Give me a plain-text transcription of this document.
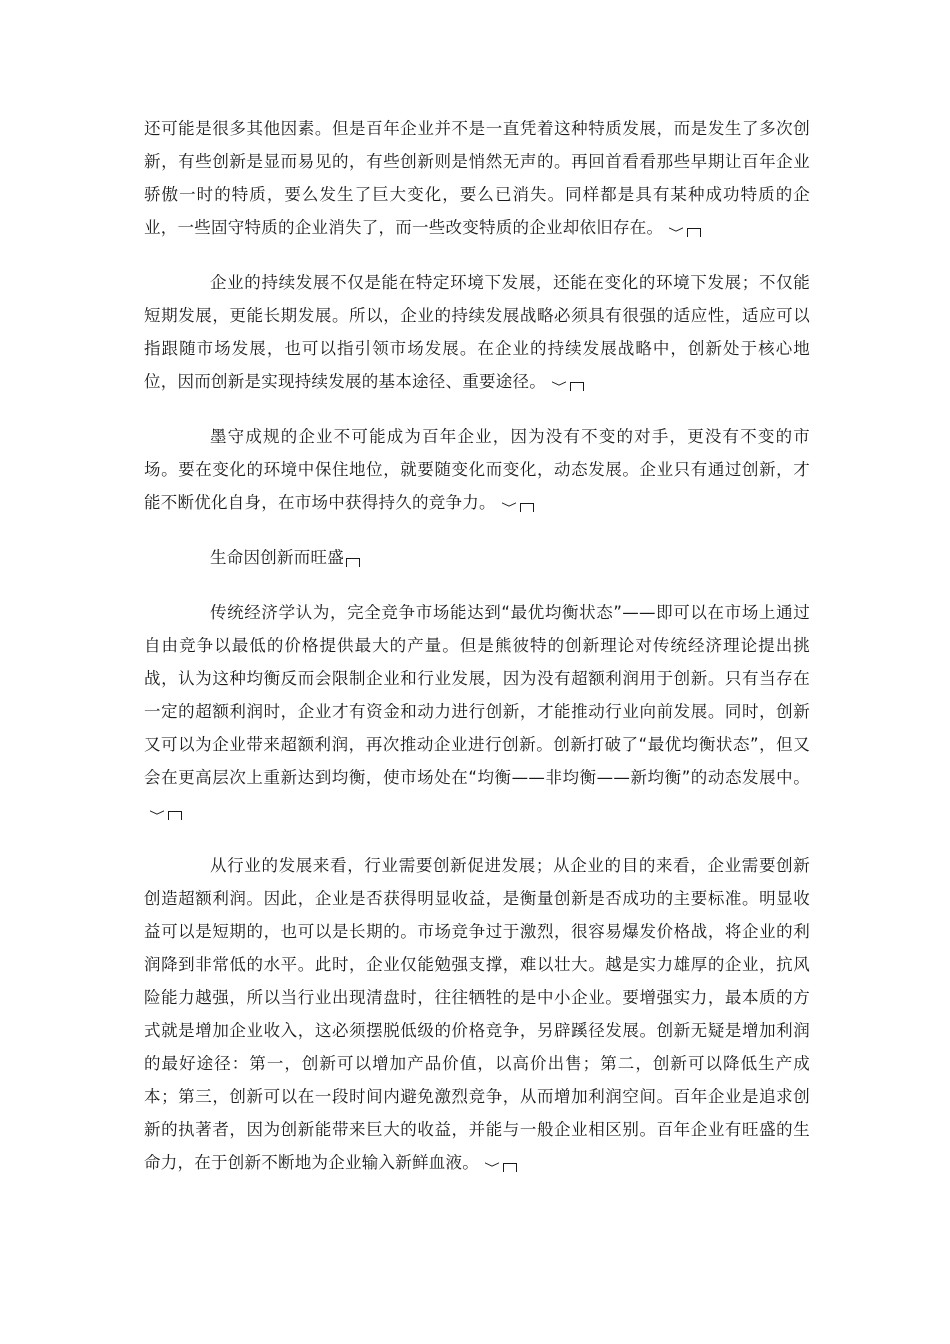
还可能是很多其他因素。但是百年企业并不是一直凭着这种特质发展，而是发生了多次创新，有些创新是显而易见的，有些创新则是悄然无声的。再回首看看那些早期让百年企业骄傲一时的特质，要么发生了巨大变化，要么已消失。同样都是具有某种成功特质的企业，一些固守特质的企业消失了，而一些改变特质的企业却依旧存在。

企业的持续发展不仅是能在特定环境下发展，还能在变化的环境下发展；不仅能短期发展，更能长期发展。所以，企业的持续发展战略必须具有很强的适应性，适应可以指跟随市场发展，也可以指引领市场发展。在企业的持续发展战略中，创新处于核心地位，因而创新是实现持续发展的基本途径、重要途径。

墨守成规的企业不可能成为百年企业，因为没有不变的对手，更没有不变的市场。要在变化的环境中保住地位，就要随变化而变化，动态发展。企业只有通过创新，才能不断优化自身，在市场中获得持久的竞争力。

生命因创新而旺盛

传统经济学认为，完全竞争市场能达到“最优均衡状态”——即可以在市场上通过自由竞争以最低的价格提供最大的产量。但是熊彼特的创新理论对传统经济理论提出挑战，认为这种均衡反而会限制企业和行业发展，因为没有超额利润用于创新。只有当存在一定的超额利润时，企业才有资金和动力进行创新，才能推动行业向前发展。同时，创新又可以为企业带来超额利润，再次推动企业进行创新。创新打破了“最优均衡状态”，但又会在更高层次上重新达到均衡，使市场处在“均衡——非均衡——新均衡”的动态发展中。

从行业的发展来看，行业需要创新促进发展；从企业的目的来看，企业需要创新创造超额利润。因此，企业是否获得明显收益，是衡量创新是否成功的主要标准。明显收益可以是短期的，也可以是长期的。市场竞争过于激烈，很容易爆发价格战，将企业的利润降到非常低的水平。此时，企业仅能勉强支撑，难以壮大。越是实力雄厚的企业，抗风险能力越强，所以当行业出现清盘时，往往牺牲的是中小企业。要增强实力，最本质的方式就是增加企业收入，这必须摆脱低级的价格竞争，另辟蹊径发展。创新无疑是增加利润的最好途径：第一，创新可以增加产品价值，以高价出售；第二，创新可以降低生产成本；第三，创新可以在一段时间内避免激烈竞争，从而增加利润空间。百年企业是追求创新的执著者，因为创新能带来巨大的收益，并能与一般企业相区别。百年企业有旺盛的生命力，在于创新不断地为企业输入新鲜血液。
